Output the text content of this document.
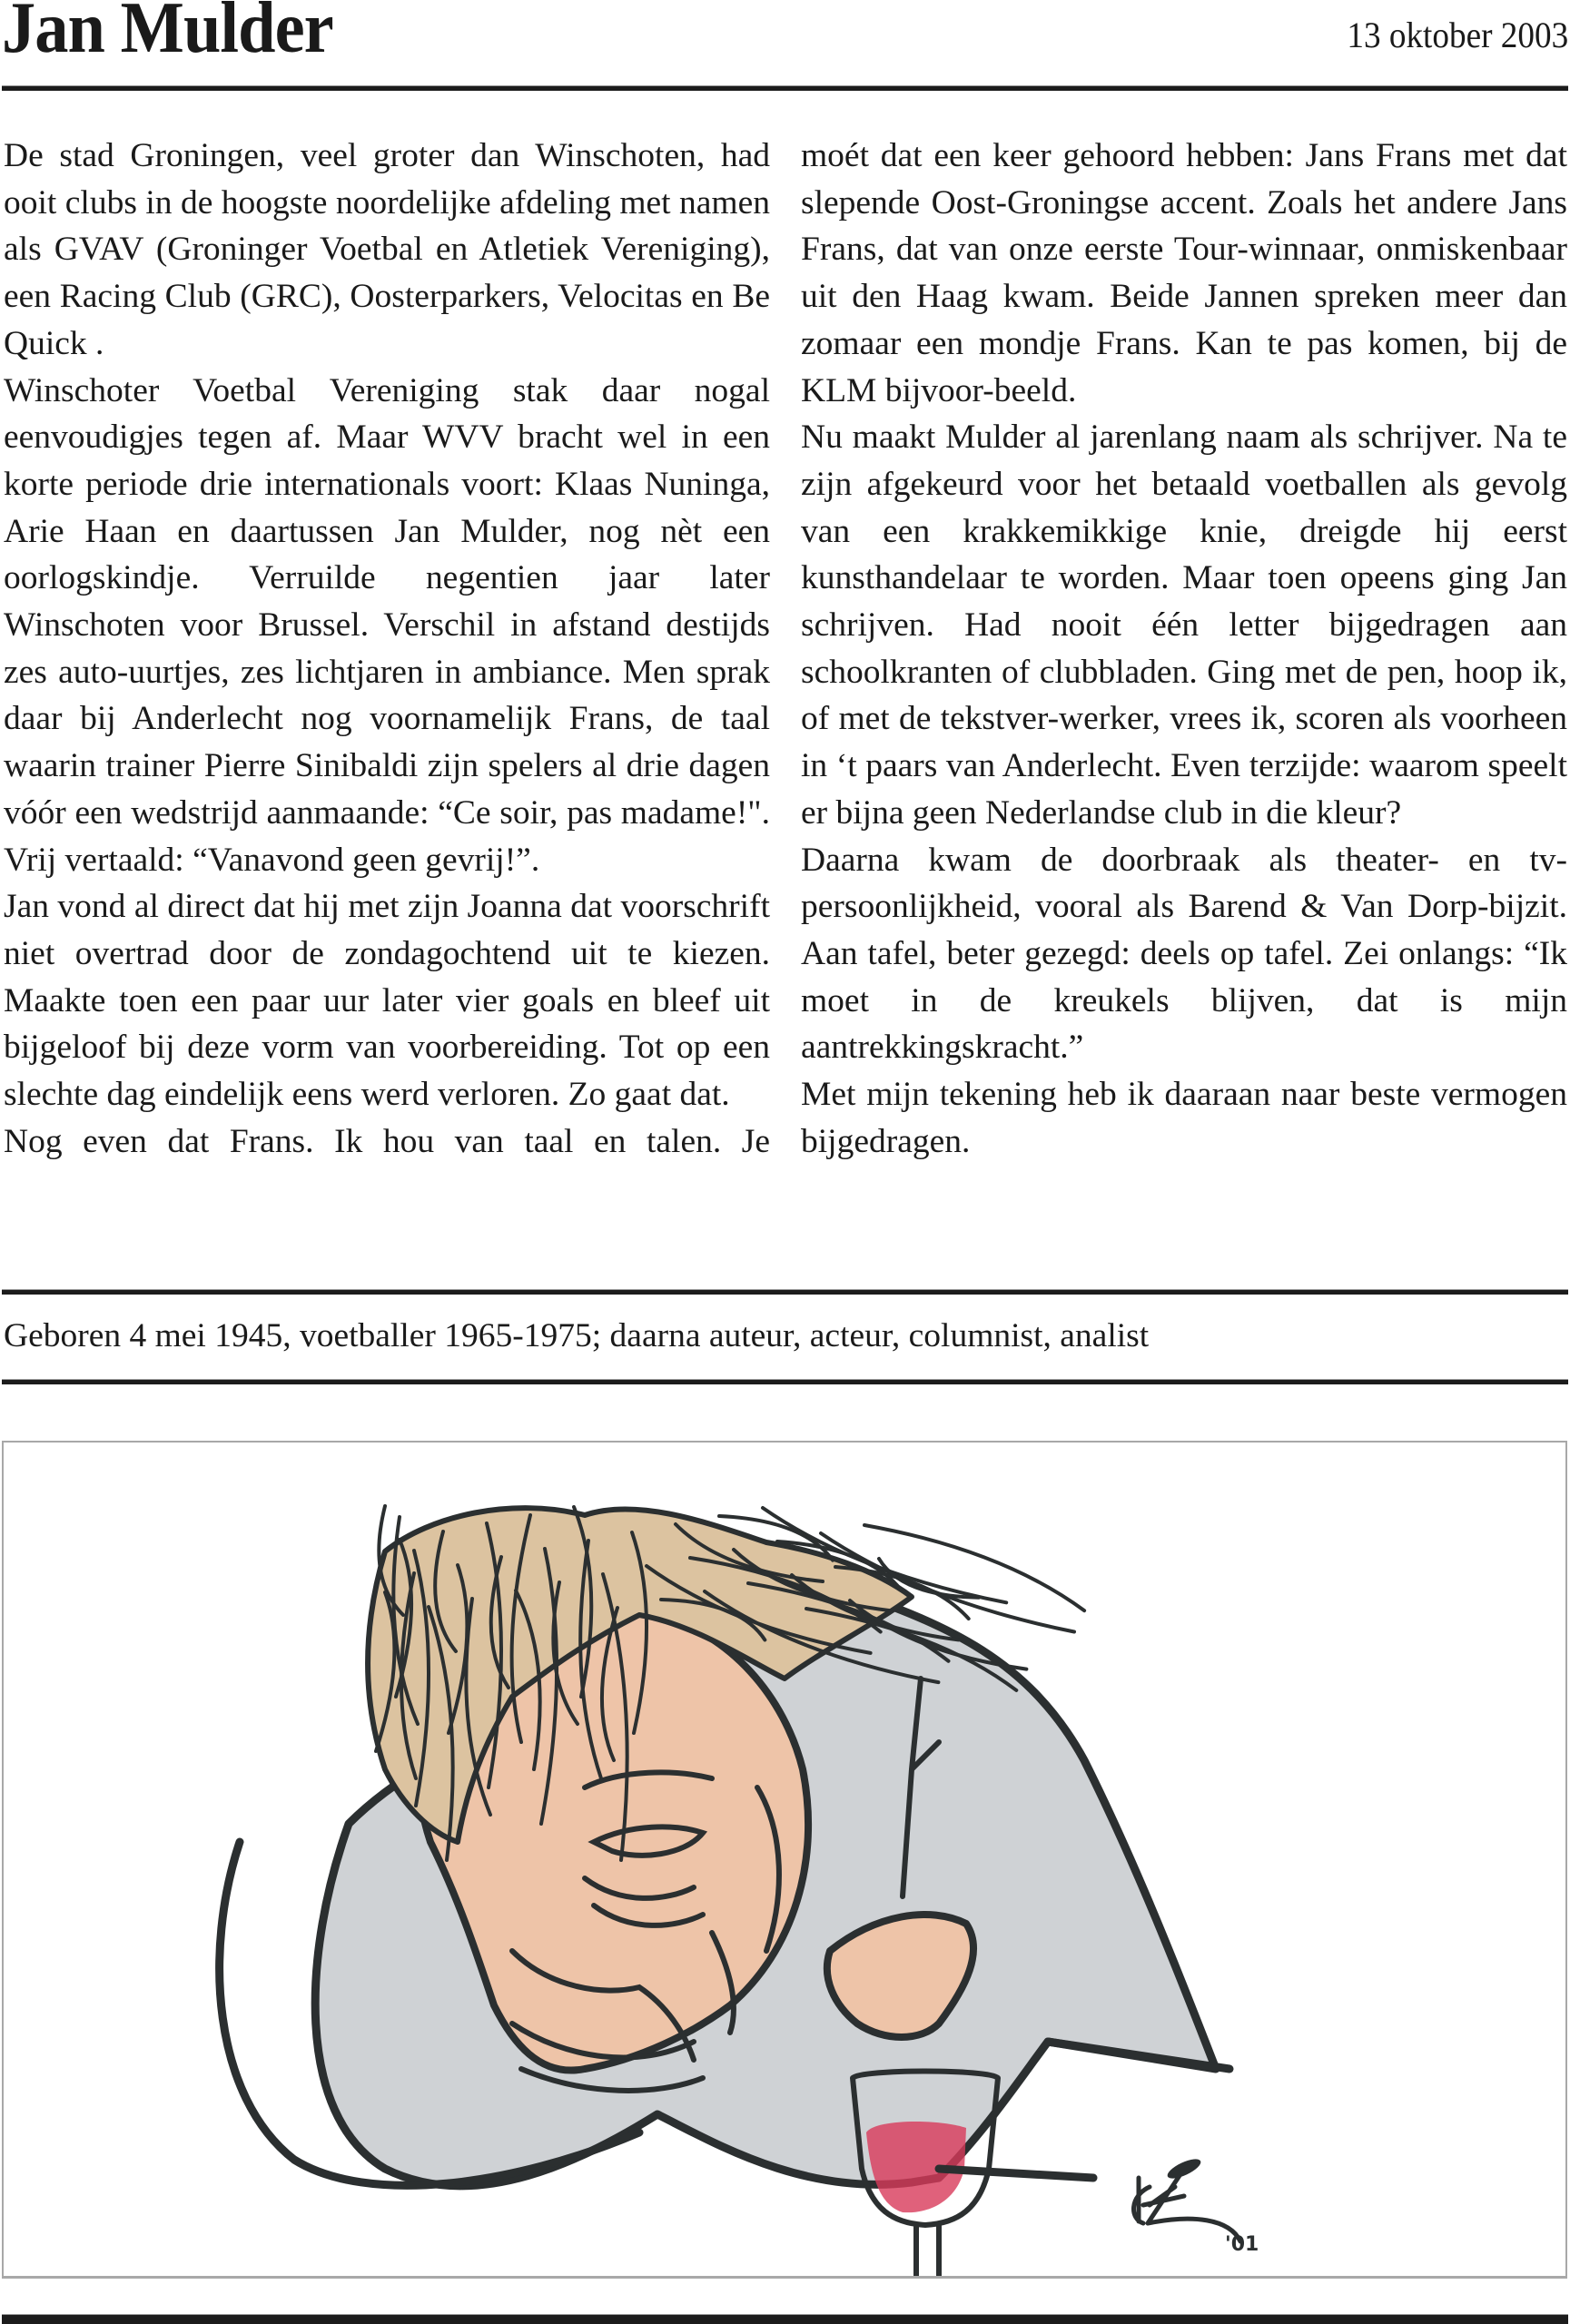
Jan Mulder	13 oktober 2003

De stad Groningen, veel groter dan Winschoten, had ooit clubs in de hoogste noordelijke afdeling met namen als GVAV (Groninger Voetbal en Atletiek Vereniging), een Racing Club (GRC), Oosterparkers, Velocitas en Be Quick .

Winschoter Voetbal Vereniging stak daar nogal eenvoudigjes tegen af. Maar WVV bracht wel in een korte periode drie internationals voort: Klaas Nuninga, Arie Haan en daartussen Jan Mulder, nog nèt een oorlogskindje. Verruilde negentien jaar later Winschoten voor Brussel. Verschil in afstand destijds zes auto-uurtjes, zes lichtjaren in ambiance. Men sprak daar bij Anderlecht nog voornamelijk Frans, de taal waarin trainer Pierre Sinibaldi zijn spelers al drie dagen vóór een wedstrijd aanmaande: “Ce soir, pas madame!". Vrij vertaald: “Vanavond geen gevrij!”.

Jan vond al direct dat hij met zijn Joanna dat voorschrift niet overtrad door de zondagochtend uit te kiezen. Maakte toen een paar uur later vier goals en bleef uit bijgeloof bij deze vorm van voorbereiding. Tot op een slechte dag eindelijk eens werd verloren. Zo gaat dat.

Nog even dat Frans. Ik hou van taal en talen. Je

moét dat een keer gehoord hebben: Jans Frans met dat slepende Oost-Groningse accent. Zoals het andere Jans Frans, dat van onze eerste Tour-winnaar, onmiskenbaar uit den Haag kwam. Beide Jannen spreken meer dan zomaar een mondje Frans. Kan te pas komen, bij de KLM bijvoor-beeld.

Nu maakt Mulder al jarenlang naam als schrijver. Na te zijn afgekeurd voor het betaald voetballen als gevolg van een krakkemikkige knie, dreigde hij eerst kunsthandelaar te worden. Maar toen opeens ging Jan schrijven. Had nooit één letter bijgedragen aan schoolkranten of clubbladen. Ging met de pen, hoop ik, of met de tekstver-werker, vrees ik, scoren als voorheen in ‘t paars van Anderlecht. Even terzijde: waarom speelt er bijna geen Nederlandse club in die kleur?

Daarna kwam de doorbraak als theater- en tv-persoonlijkheid, vooral als Barend & Van Dorp-bijzit. Aan tafel, beter gezegd: deels op tafel. Zei onlangs: “Ik moet in de kreukels blijven, dat is mijn aantrekkingskracht.”

Met mijn tekening heb ik daaraan naar beste vermogen bijgedragen.

Geboren 4 mei 1945, voetballer 1965-1975; daarna auteur, acteur, columnist, analist
'01
